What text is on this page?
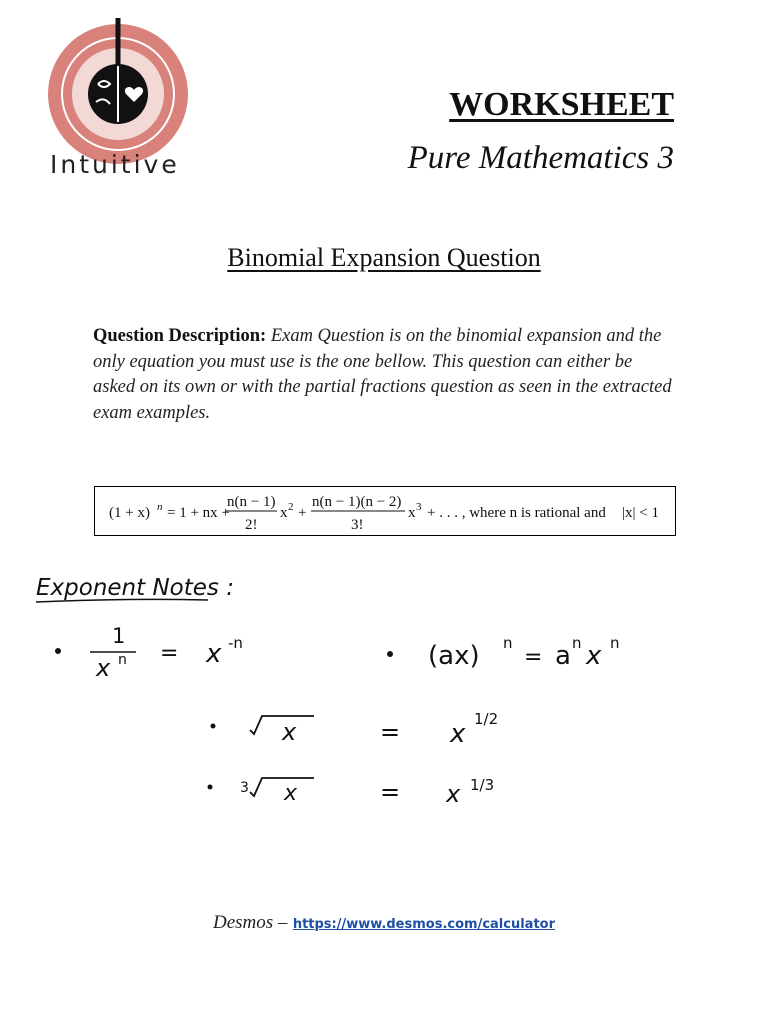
Intuitive
WORKSHEET
Pure Mathematics 3
Binomial Expansion Question
Question Description: Exam Question is on the binomial expansion and the only equation you must use is the one bellow. This question can either be asked on its own or with the partial fractions question as seen in the extracted exam examples.
(1 + x) n = 1 + nx +
n(n − 1)
2!
x 2 +
n(n − 1)(n − 2)
3!
x 3 + . . . , where n is rational and |x| < 1
Exponent Notes :
1
x n = x -n	(ax) n
= a n x n
x	= x 1/2
3 x	= x 1/3
Desmos – https://www.desmos.com/calculator
